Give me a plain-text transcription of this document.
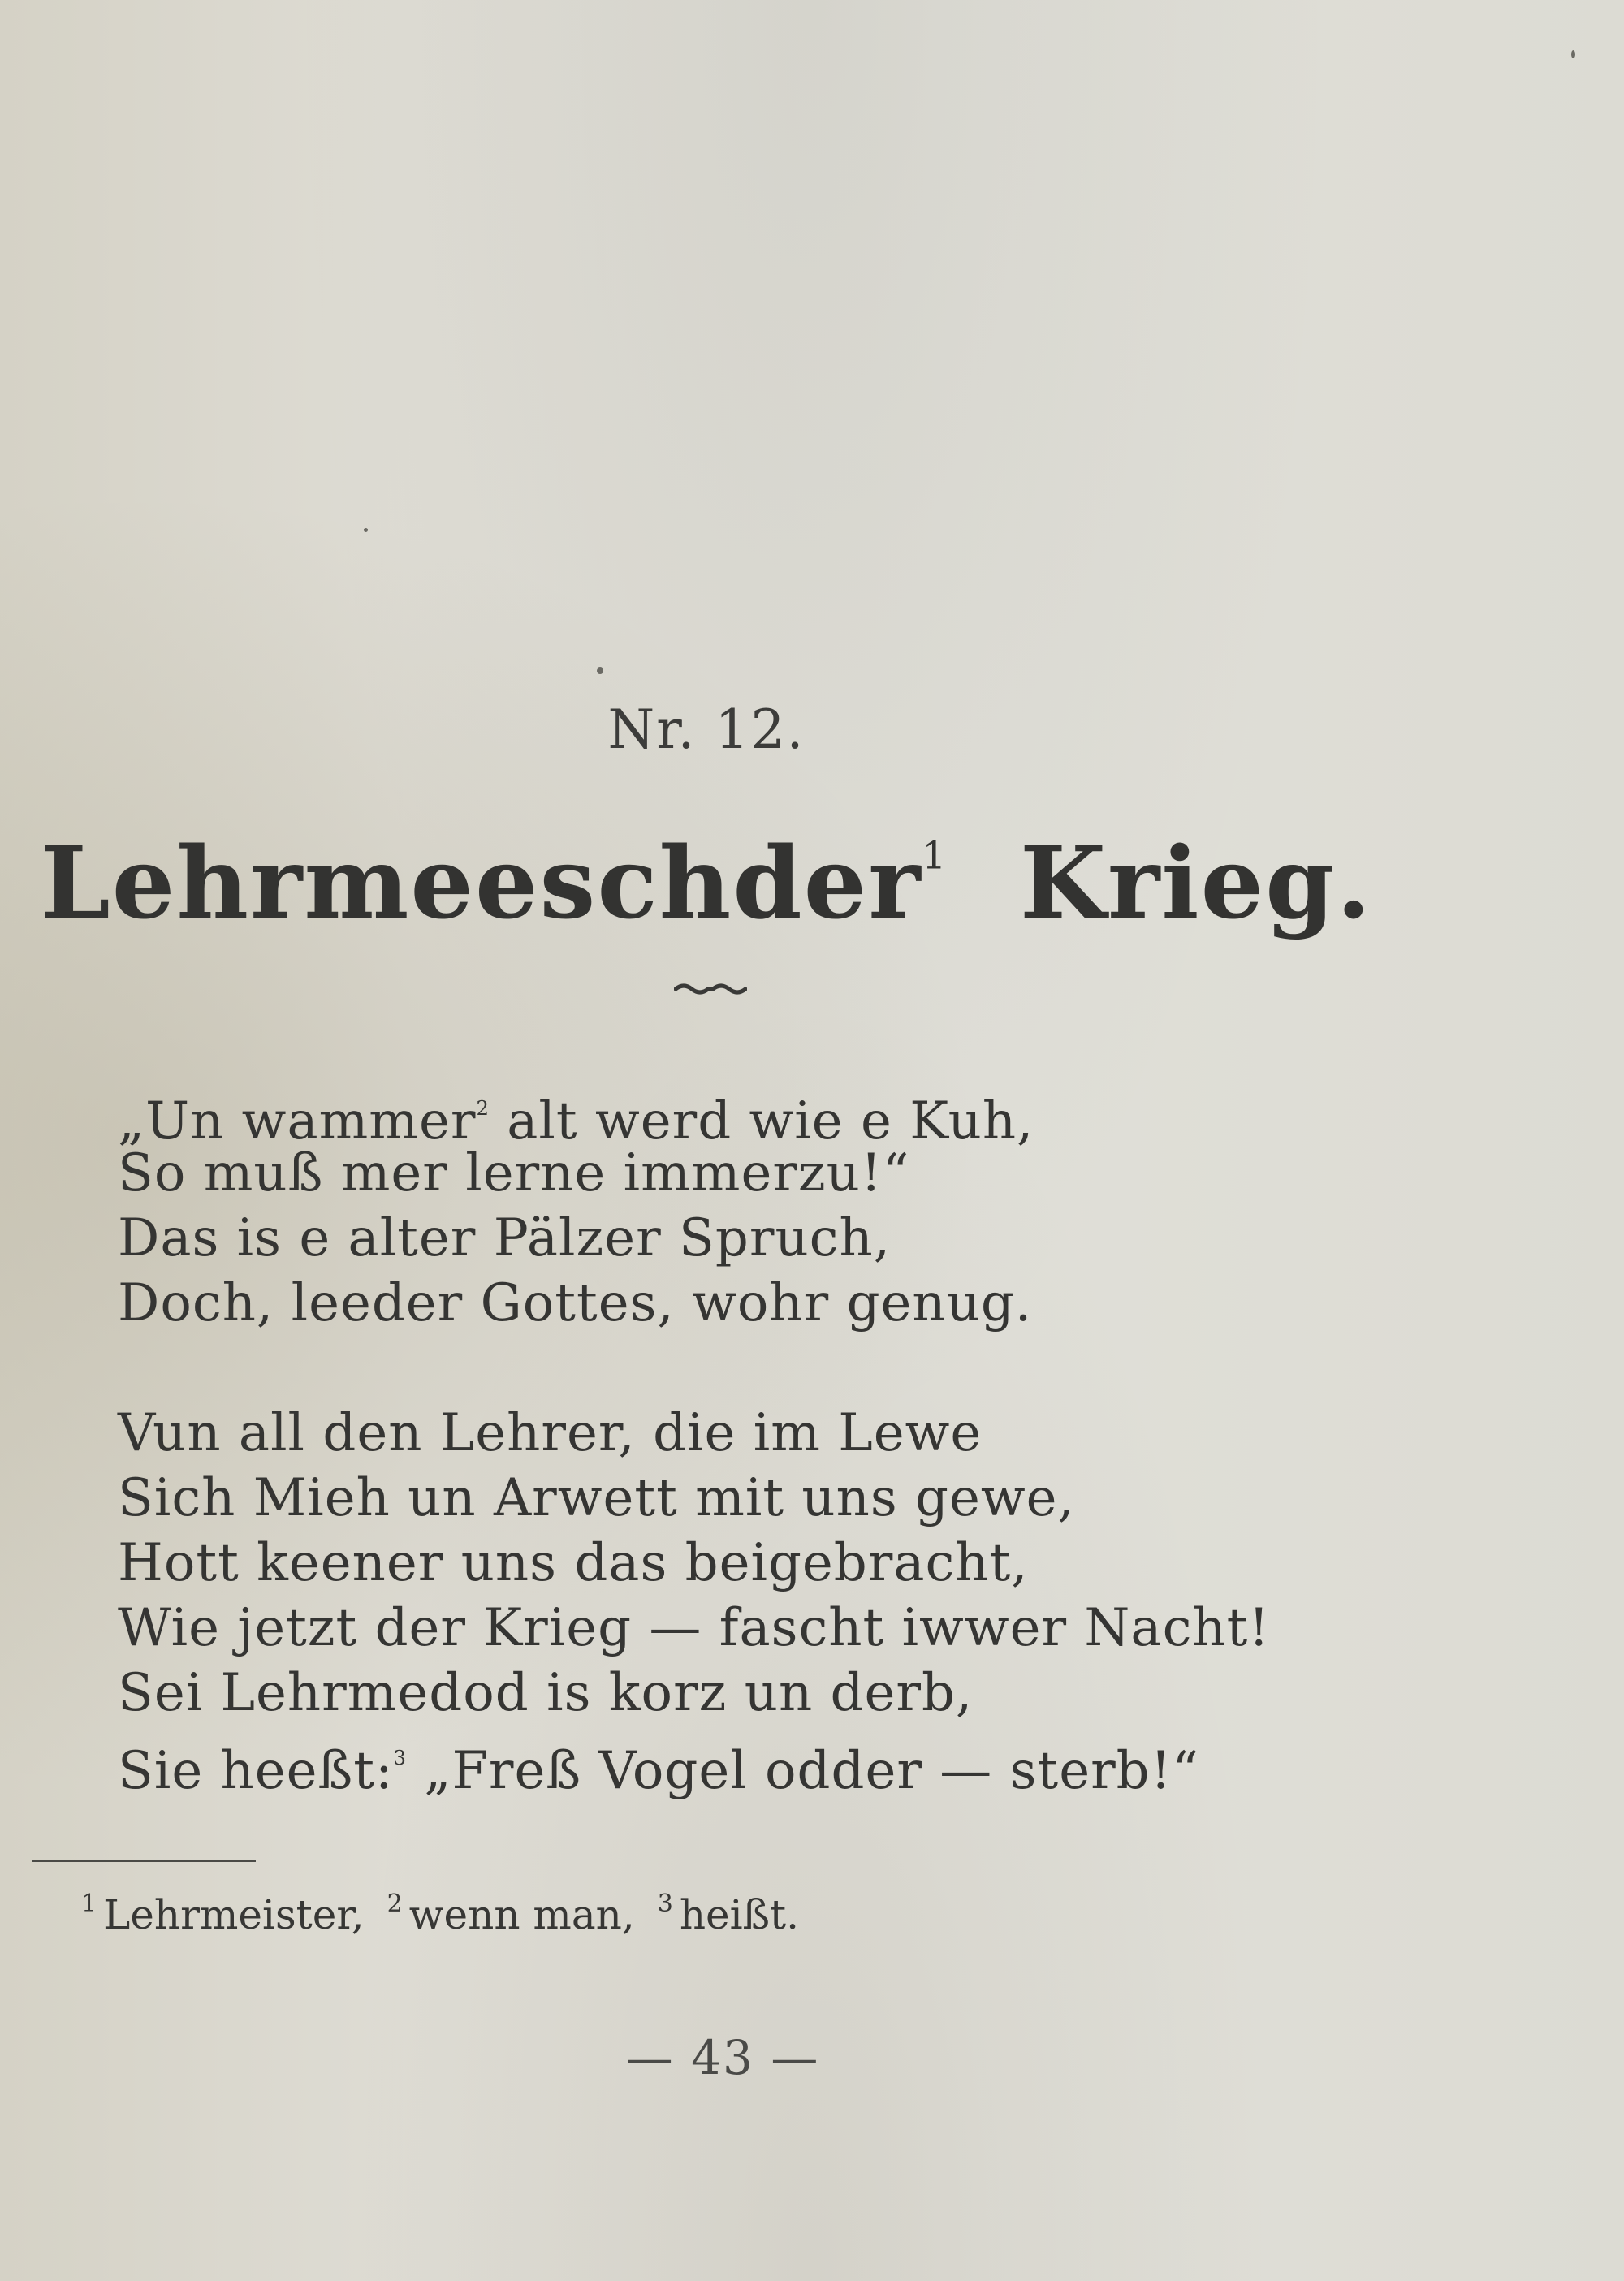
Nr. 12.
Lehrmeeschder$^1$ Krieg.
„Un wammer$^2$ alt werd wie e Kuh,
So muß mer lerne immerzu!“
Das is e alter Pälzer Spruch,
Doch, leeder Gottes, wohr genug.
Vun all den Lehrer, die im Lewe
Sich Mieh un Arwett mit uns gewe,
Hott keener uns das beigebracht,
Wie jetzt der Krieg — fascht iwwer Nacht!
Sei Lehrmedod is korz un derb,
Sie heeßt:$^3$ „Freß Vogel odder — sterb!“
$^1$ Lehrmeister, $^2$ wenn man, $^3$ heißt.
— 43 —
